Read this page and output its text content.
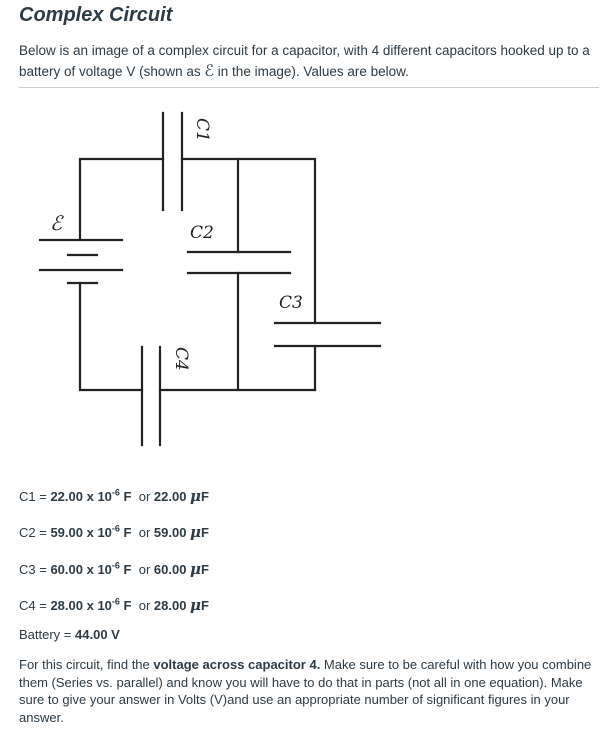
Complex Circuit
Below is an image of a complex circuit for a capacitor, with 4 different capacitors hooked up to a battery of voltage V (shown as ℰ in the image). Values are below.
ℰ
C1
C2
C3
C4
C1 = 22.00 x $10^{-6}$ F  or 22.00 μF
C2 = 59.00 x $10^{-6}$ F  or 59.00 μF
C3 = 60.00 x $10^{-6}$ F  or 60.00 μF
C4 = 28.00 x $10^{-6}$ F  or 28.00 μF
Battery = 44.00 V
For this circuit, find the voltage across capacitor 4. Make sure to be careful with how you combine them (Series vs. parallel) and know you will have to do that in parts (not all in one equation). Make sure to give your answer in Volts (V)and use an appropriate number of significant figures in your answer.
